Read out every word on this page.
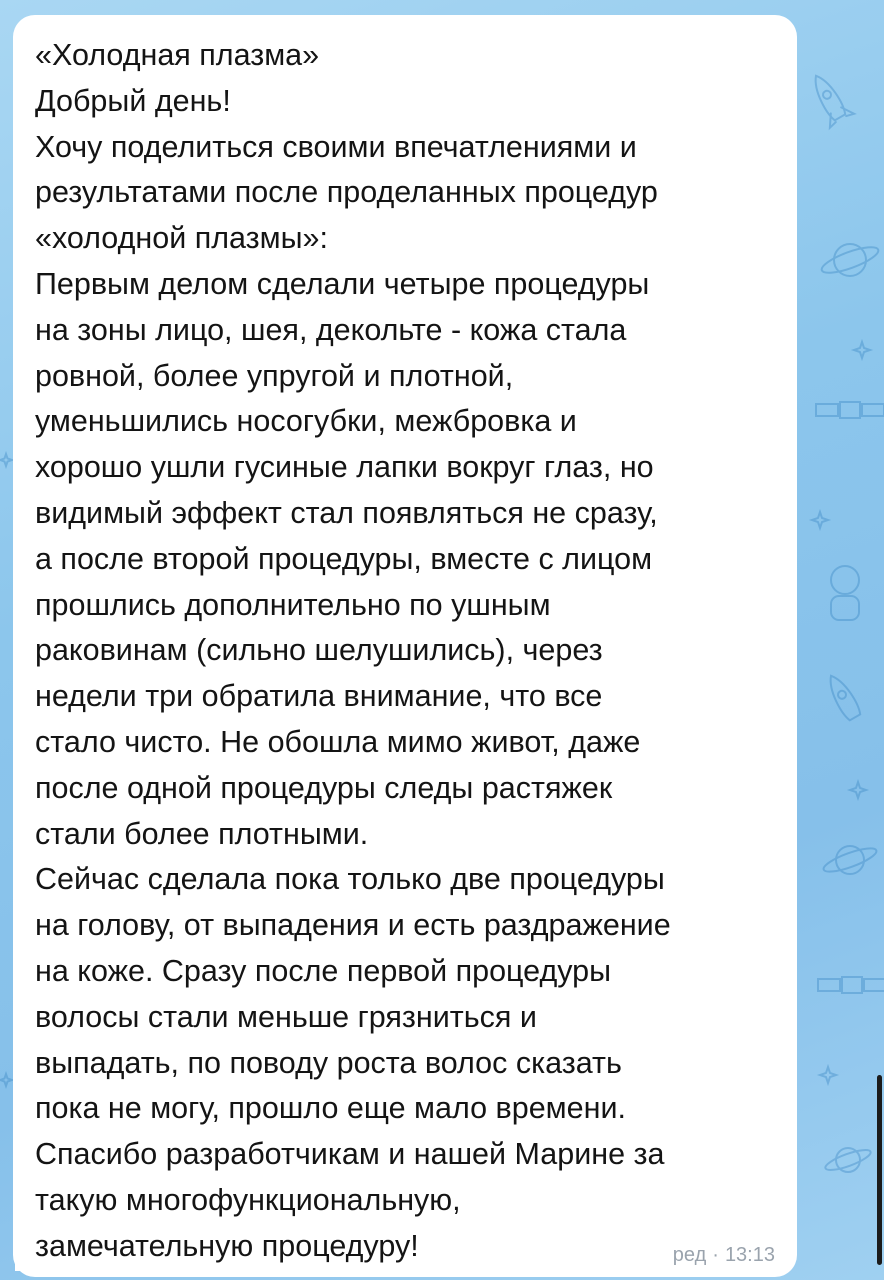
«Холодная плазма»
Добрый день!
Хочу поделиться своими впечатлениями и
результатами после проделанных процедур
«холодной плазмы»:
Первым делом сделали четыре процедуры
на зоны лицо, шея, декольте - кожа стала
ровной, более упругой и плотной,
уменьшились носогубки, межбровка и
хорошо ушли гусиные лапки вокруг глаз, но
видимый эффект стал появляться не сразу,
а после второй процедуры, вместе с лицом
прошлись дополнительно по ушным
раковинам (сильно шелушились), через
недели три обратила внимание, что все
стало чисто. Не обошла мимо живот, даже
после одной процедуры следы растяжек
стали более плотными.
Сейчас сделала пока только две процедуры
на голову, от выпадения и есть раздражение
на коже. Сразу после первой процедуры
волосы стали меньше грязниться и
выпадать, по поводу роста волос сказать
пока не могу, прошло еще мало времени.
Спасибо разработчикам и нашей Марине за
такую многофункциональную,
замечательную процедуру!	ред · 13:13
